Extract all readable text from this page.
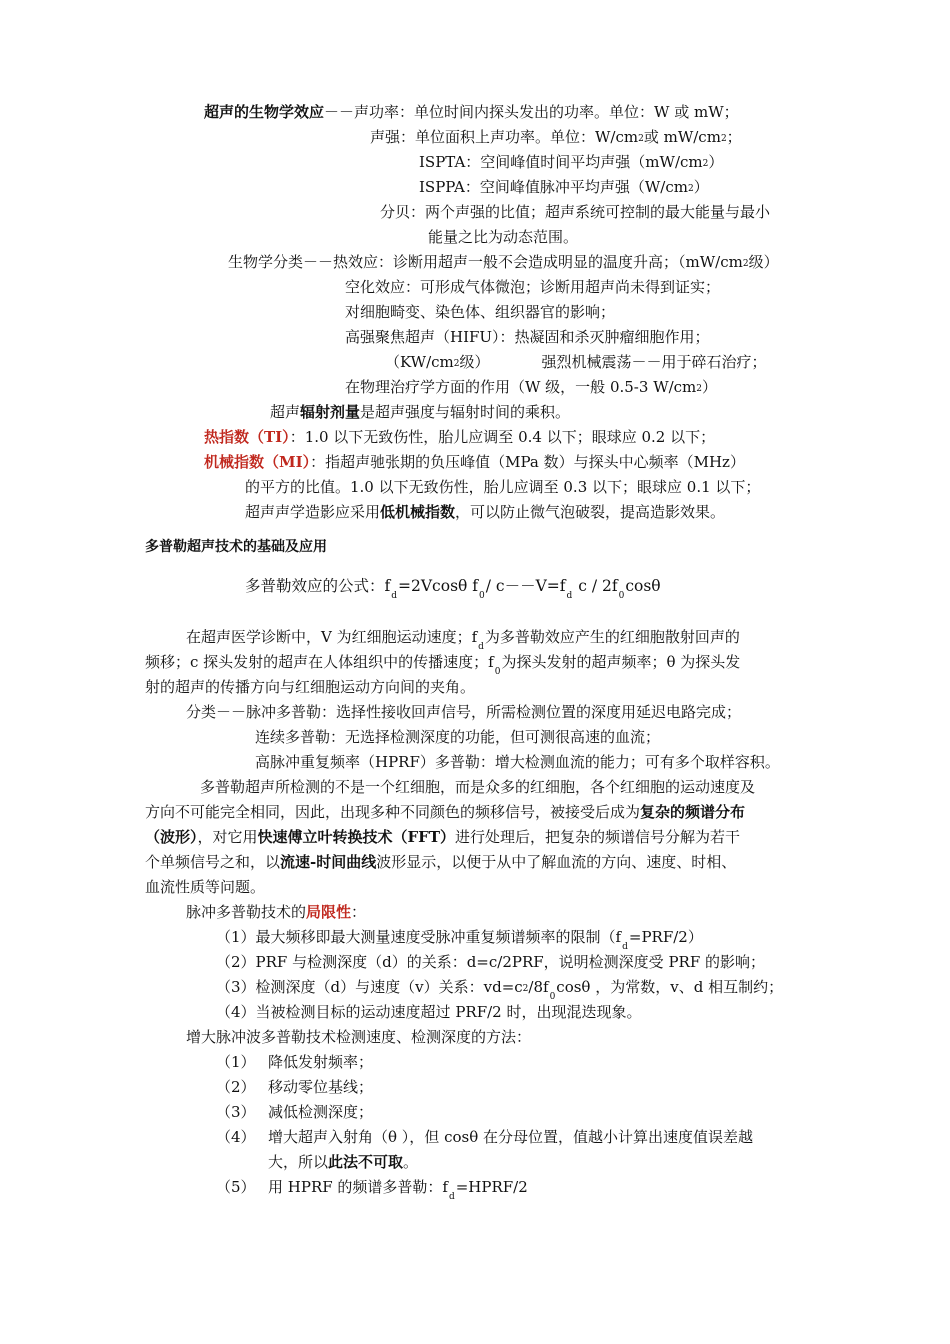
超声的生物学效应－－声功率：单位时间内探头发出的功率。单位：W 或 mW；
声强：单位面积上声功率。单位：W/cm2或 mW/cm2；
ISPTA：空间峰值时间平均声强（mW/cm2）
ISPPA：空间峰值脉冲平均声强（W/cm2）
分贝：两个声强的比值；超声系统可控制的最大能量与最小
能量之比为动态范围。
生物学分类－－热效应：诊断用超声一般不会造成明显的温度升高；（mW/cm2级）
空化效应：可形成气体微泡；诊断用超声尚未得到证实；
对细胞畸变、染色体、组织器官的影响；
高强聚焦超声（HIFU）：热凝固和杀灭肿瘤细胞作用；
（KW/cm2级）	强烈机械震荡－－用于碎石治疗；
在物理治疗学方面的作用（W 级，一般 0.5-3 W/cm2）
超声辐射剂量是超声强度与辐射时间的乘积。
热指数（TI）：1.0 以下无致伤性，胎儿应调至 0.4 以下；眼球应 0.2 以下；
机械指数（MI）：指超声驰张期的负压峰值（MPa 数）与探头中心频率（MHz）
的平方的比值。1.0 以下无致伤性，胎儿应调至 0.3 以下；眼球应 0.1 以下；
超声声学造影应采用低机械指数，可以防止微气泡破裂，提高造影效果。
多普勒超声技术的基础及应用
多普勒效应的公式：$f_d=2Vcos\theta$ $f_0/$ $c--V=f_d$ c / $2f_0\cos\theta$
在超声医学诊断中，V 为红细胞运动速度；$f_d$为多普勒效应产生的红细胞散射回声的
频移；c 探头发射的超声在人体组织中的传播速度；$f_0$为探头发射的超声频率；θ 为探头发
射的超声的传播方向与红细胞运动方向间的夹角。
分类－－脉冲多普勒：选择性接收回声信号，所需检测位置的深度用延迟电路完成；
连续多普勒：无选择检测深度的功能，但可测很高速的血流；
高脉冲重复频率（HPRF）多普勒：增大检测血流的能力；可有多个取样容积。
多普勒超声所检测的不是一个红细胞，而是众多的红细胞，各个红细胞的运动速度及
方向不可能完全相同，因此，出现多种不同颜色的频移信号，被接受后成为复杂的频谱分布
（波形），对它用快速傅立叶转换技术（FFT）进行处理后，把复杂的频谱信号分解为若干
个单频信号之和，以流速-时间曲线波形显示，以便于从中了解血流的方向、速度、时相、
血流性质等问题。
脉冲多普勒技术的局限性：
（1）最大频移即最大测量速度受脉冲重复频谱频率的限制$(f_d=PRF/2)$
（2）PRF 与检测深度（d）的关系：d=c/2PRF，说明检测深度受 PRF 的影响；
（3）检测深度（d）与速度（v）关系：$vd=c2/8f_0\cos\theta$ ，为常数，v、d 相互制约；
（4）当被检测目标的运动速度超过 PRF/2 时，出现混迭现象。
增大脉冲波多普勒技术检测速度、检测深度的方法：
（1） 降低发射频率；
（2） 移动零位基线；
（3） 减低检测深度；
（4） 增大超声入射角（θ ），但 cosθ 在分母位置，值越小计算出速度值误差越
大，所以此法不可取。
（5） 用 HPRF 的频谱多普勒：$f_d=HPRF/2$
